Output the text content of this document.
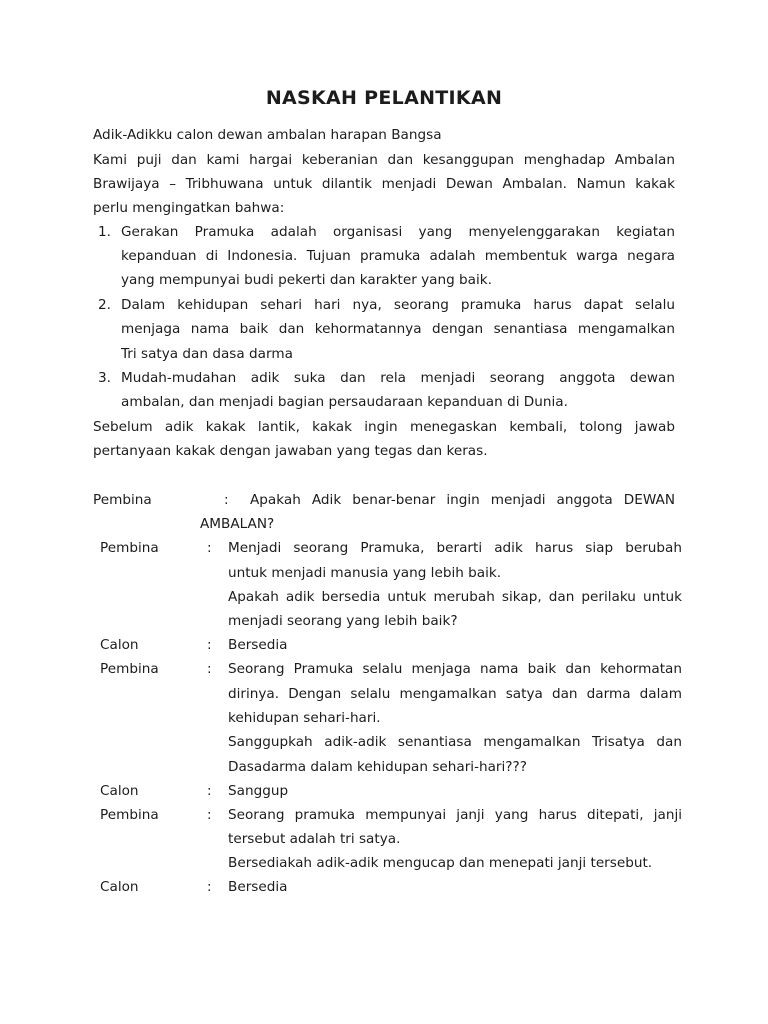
NASKAH PELANTIKAN
Adik-Adikku calon dewan ambalan harapan Bangsa
Kami puji dan kami hargai keberanian dan kesanggupan menghadap Ambalan
Brawijaya – Tribhuwana untuk dilantik menjadi Dewan Ambalan. Namun kakak
perlu mengingatkan bahwa:
1. Gerakan Pramuka adalah organisasi yang menyelenggarakan kegiatan
kepanduan di Indonesia. Tujuan pramuka adalah membentuk warga negara
yang mempunyai budi pekerti dan karakter yang baik.
2. Dalam kehidupan sehari hari nya, seorang pramuka harus dapat selalu
menjaga nama baik dan kehormatannya dengan senantiasa mengamalkan
Tri satya dan dasa darma
3. Mudah-mudahan adik suka dan rela menjadi seorang anggota dewan
ambalan, dan menjadi bagian persaudaraan kepanduan di Dunia.
Sebelum adik kakak lantik, kakak ingin menegaskan kembali, tolong jawab
pertanyaan kakak dengan jawaban yang tegas dan keras.
Pembina	: Apakah Adik benar-benar ingin menjadi anggota DEWAN
AMBALAN?
Pembina	: Menjadi seorang Pramuka, berarti adik harus siap berubah
untuk menjadi manusia yang lebih baik.
Apakah adik bersedia untuk merubah sikap, dan perilaku untuk
menjadi seorang yang lebih baik?
Calon	: Bersedia
Pembina	: Seorang Pramuka selalu menjaga nama baik dan kehormatan
dirinya. Dengan selalu mengamalkan satya dan darma dalam
kehidupan sehari-hari.
Sanggupkah adik-adik senantiasa mengamalkan Trisatya dan
Dasadarma dalam kehidupan sehari-hari???
Calon	: Sanggup
Pembina	: Seorang pramuka mempunyai janji yang harus ditepati, janji
tersebut adalah tri satya.
Bersediakah adik-adik mengucap dan menepati janji tersebut.
Calon	: Bersedia
